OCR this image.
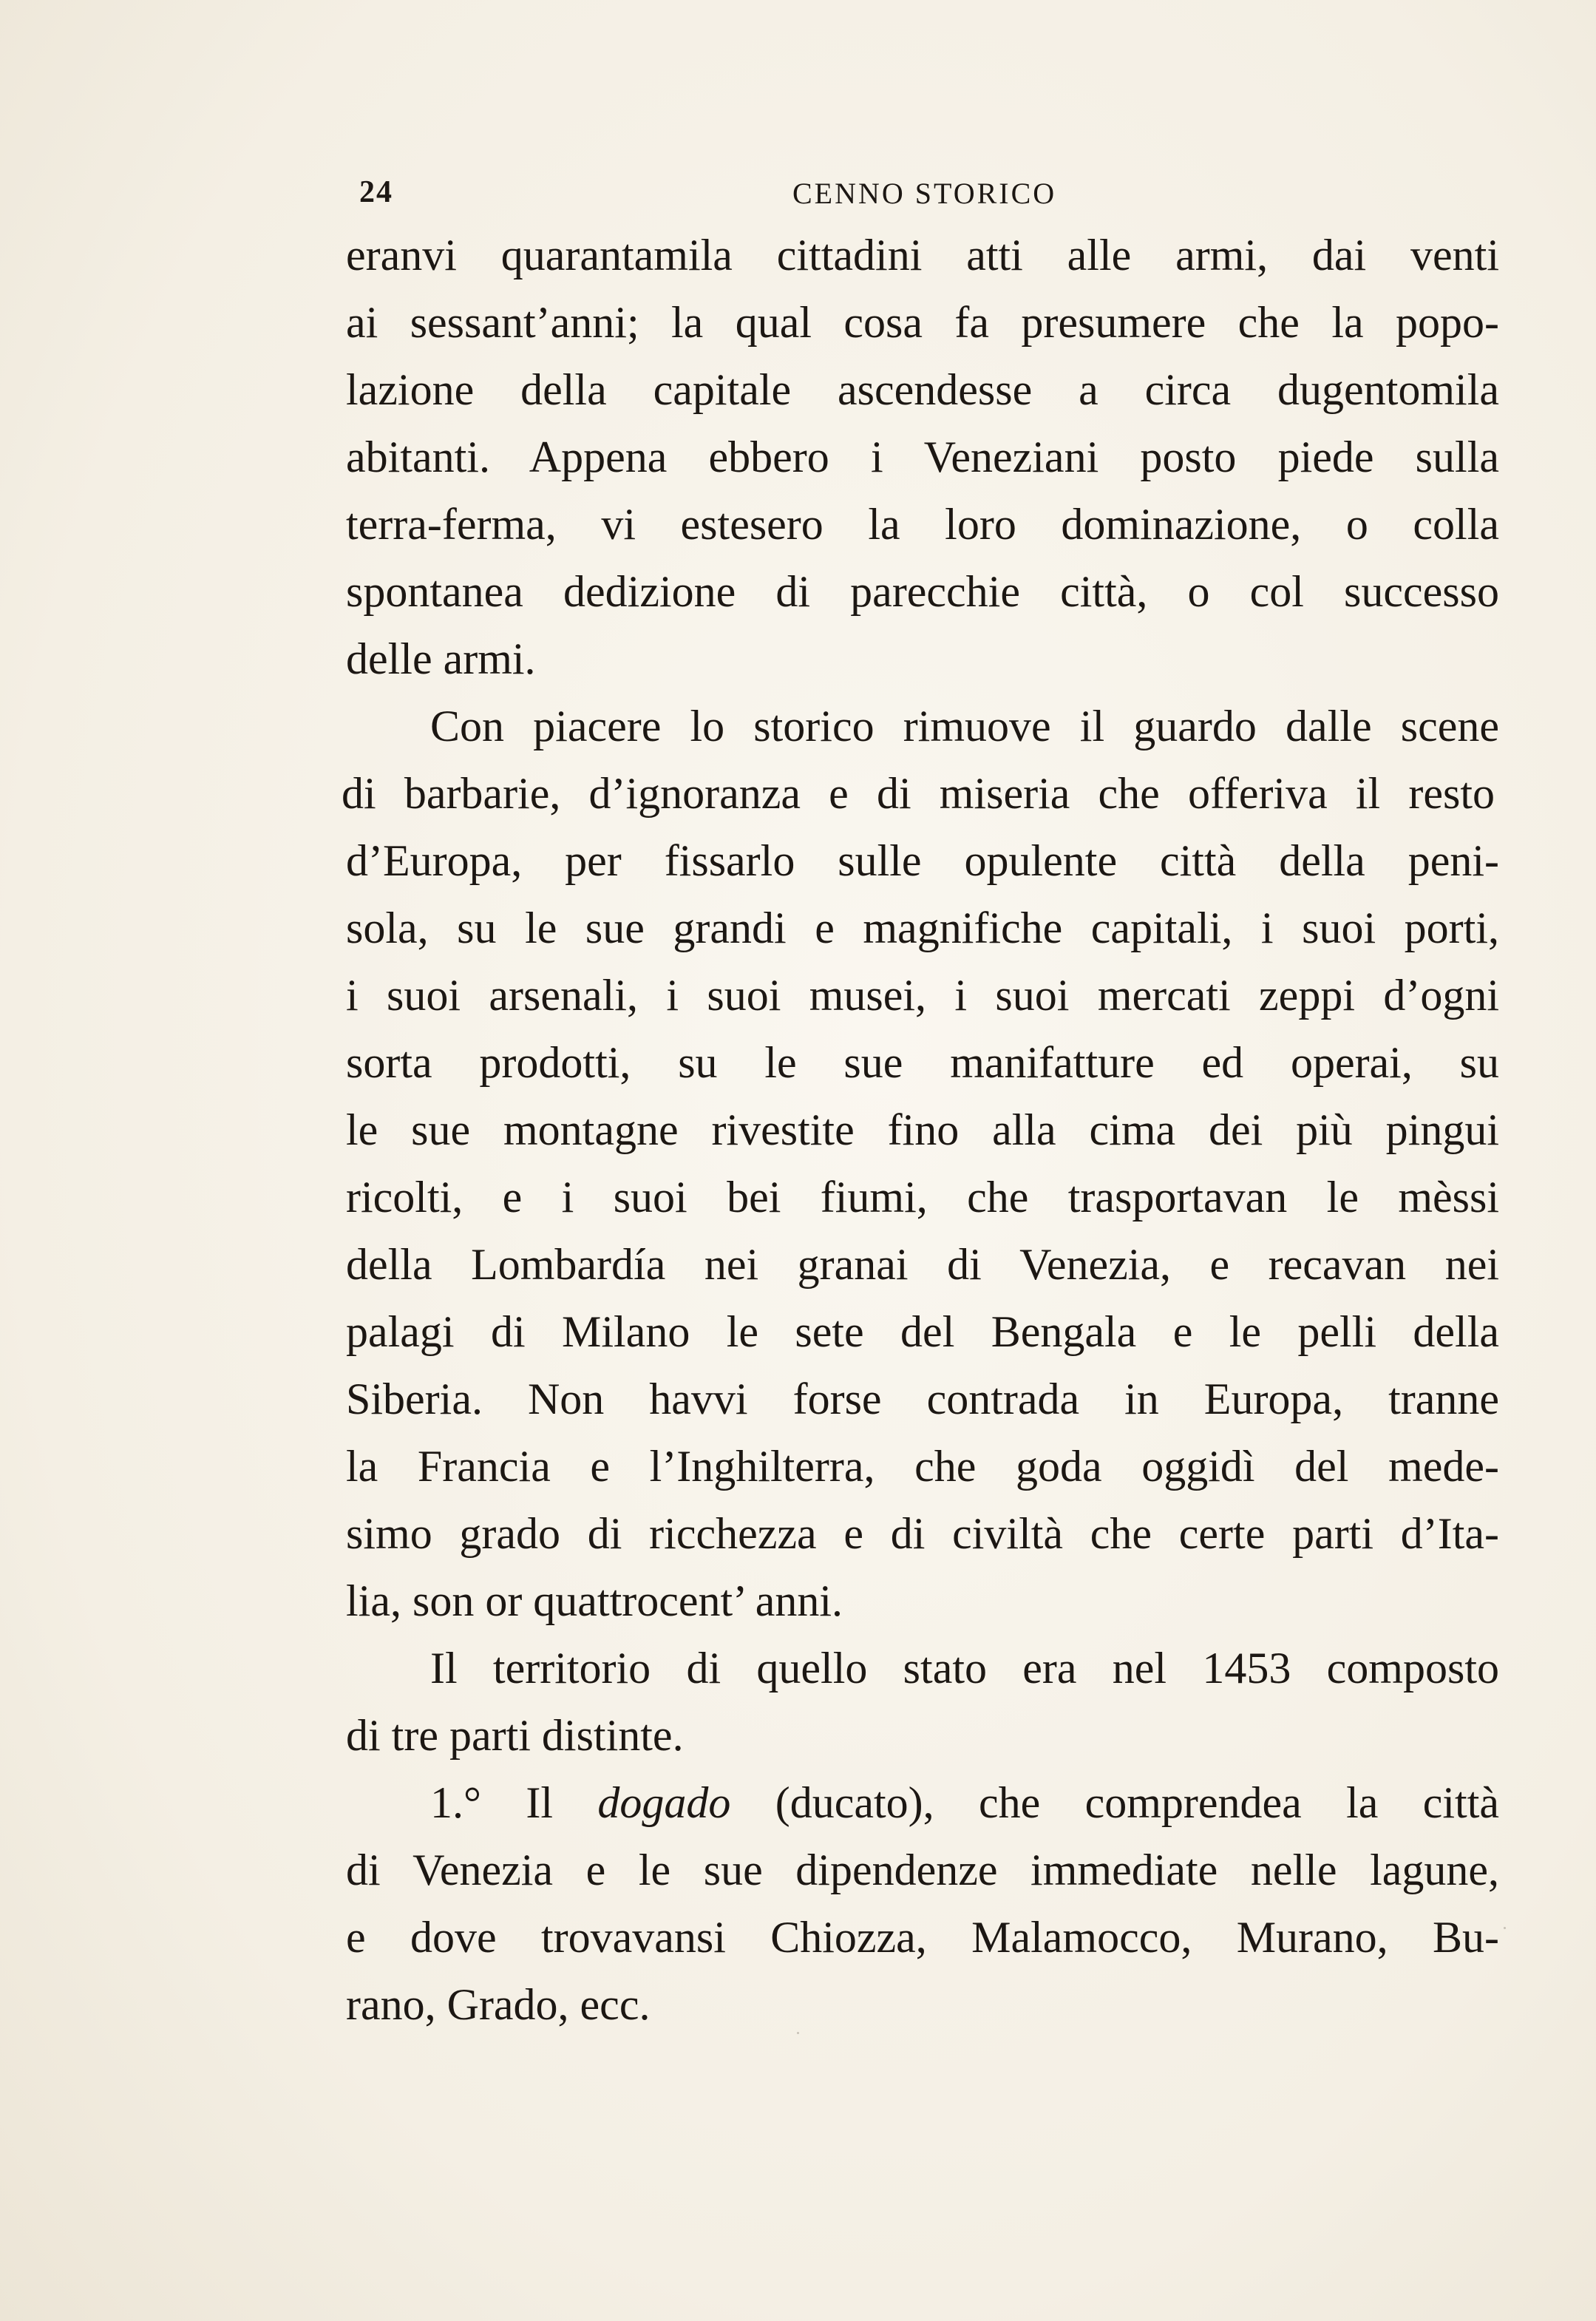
24	CENNO STORICO
eranvi quarantamila cittadini atti alle armi, dai venti
ai sessant’anni; la qual cosa fa presumere che la popo-
lazione della capitale ascendesse a circa dugentomila
abitanti. Appena ebbero i Veneziani posto piede sulla
terra-ferma, vi estesero la loro dominazione, o colla
spontanea dedizione di parecchie città, o col successo
delle armi.
Con piacere lo storico rimuove il guardo dalle scene
di barbarie, d’ignoranza e di miseria che offeriva il resto
d’Europa, per fissarlo sulle opulente città della peni-
sola, su le sue grandi e magnifiche capitali, i suoi porti,
i suoi arsenali, i suoi musei, i suoi mercati zeppi d’ogni
sorta prodotti, su le sue manifatture ed operai, su
le sue montagne rivestite fino alla cima dei più pingui
ricolti, e i suoi bei fiumi, che trasportavan le mèssi
della Lombardía nei granai di Venezia, e recavan nei
palagi di Milano le sete del Bengala e le pelli della
Siberia. Non havvi forse contrada in Europa, tranne
la Francia e l’Inghilterra, che goda oggidì del mede-
simo grado di ricchezza e di civiltà che certe parti d’Ita-
lia, son or quattrocent’ anni.
Il territorio di quello stato era nel 1453 composto
di tre parti distinte.
1.° Il dogado (ducato), che comprendea la città
di Venezia e le sue dipendenze immediate nelle lagune,
e dove trovavansi Chiozza, Malamocco, Murano, Bu-
rano, Grado, ecc.
